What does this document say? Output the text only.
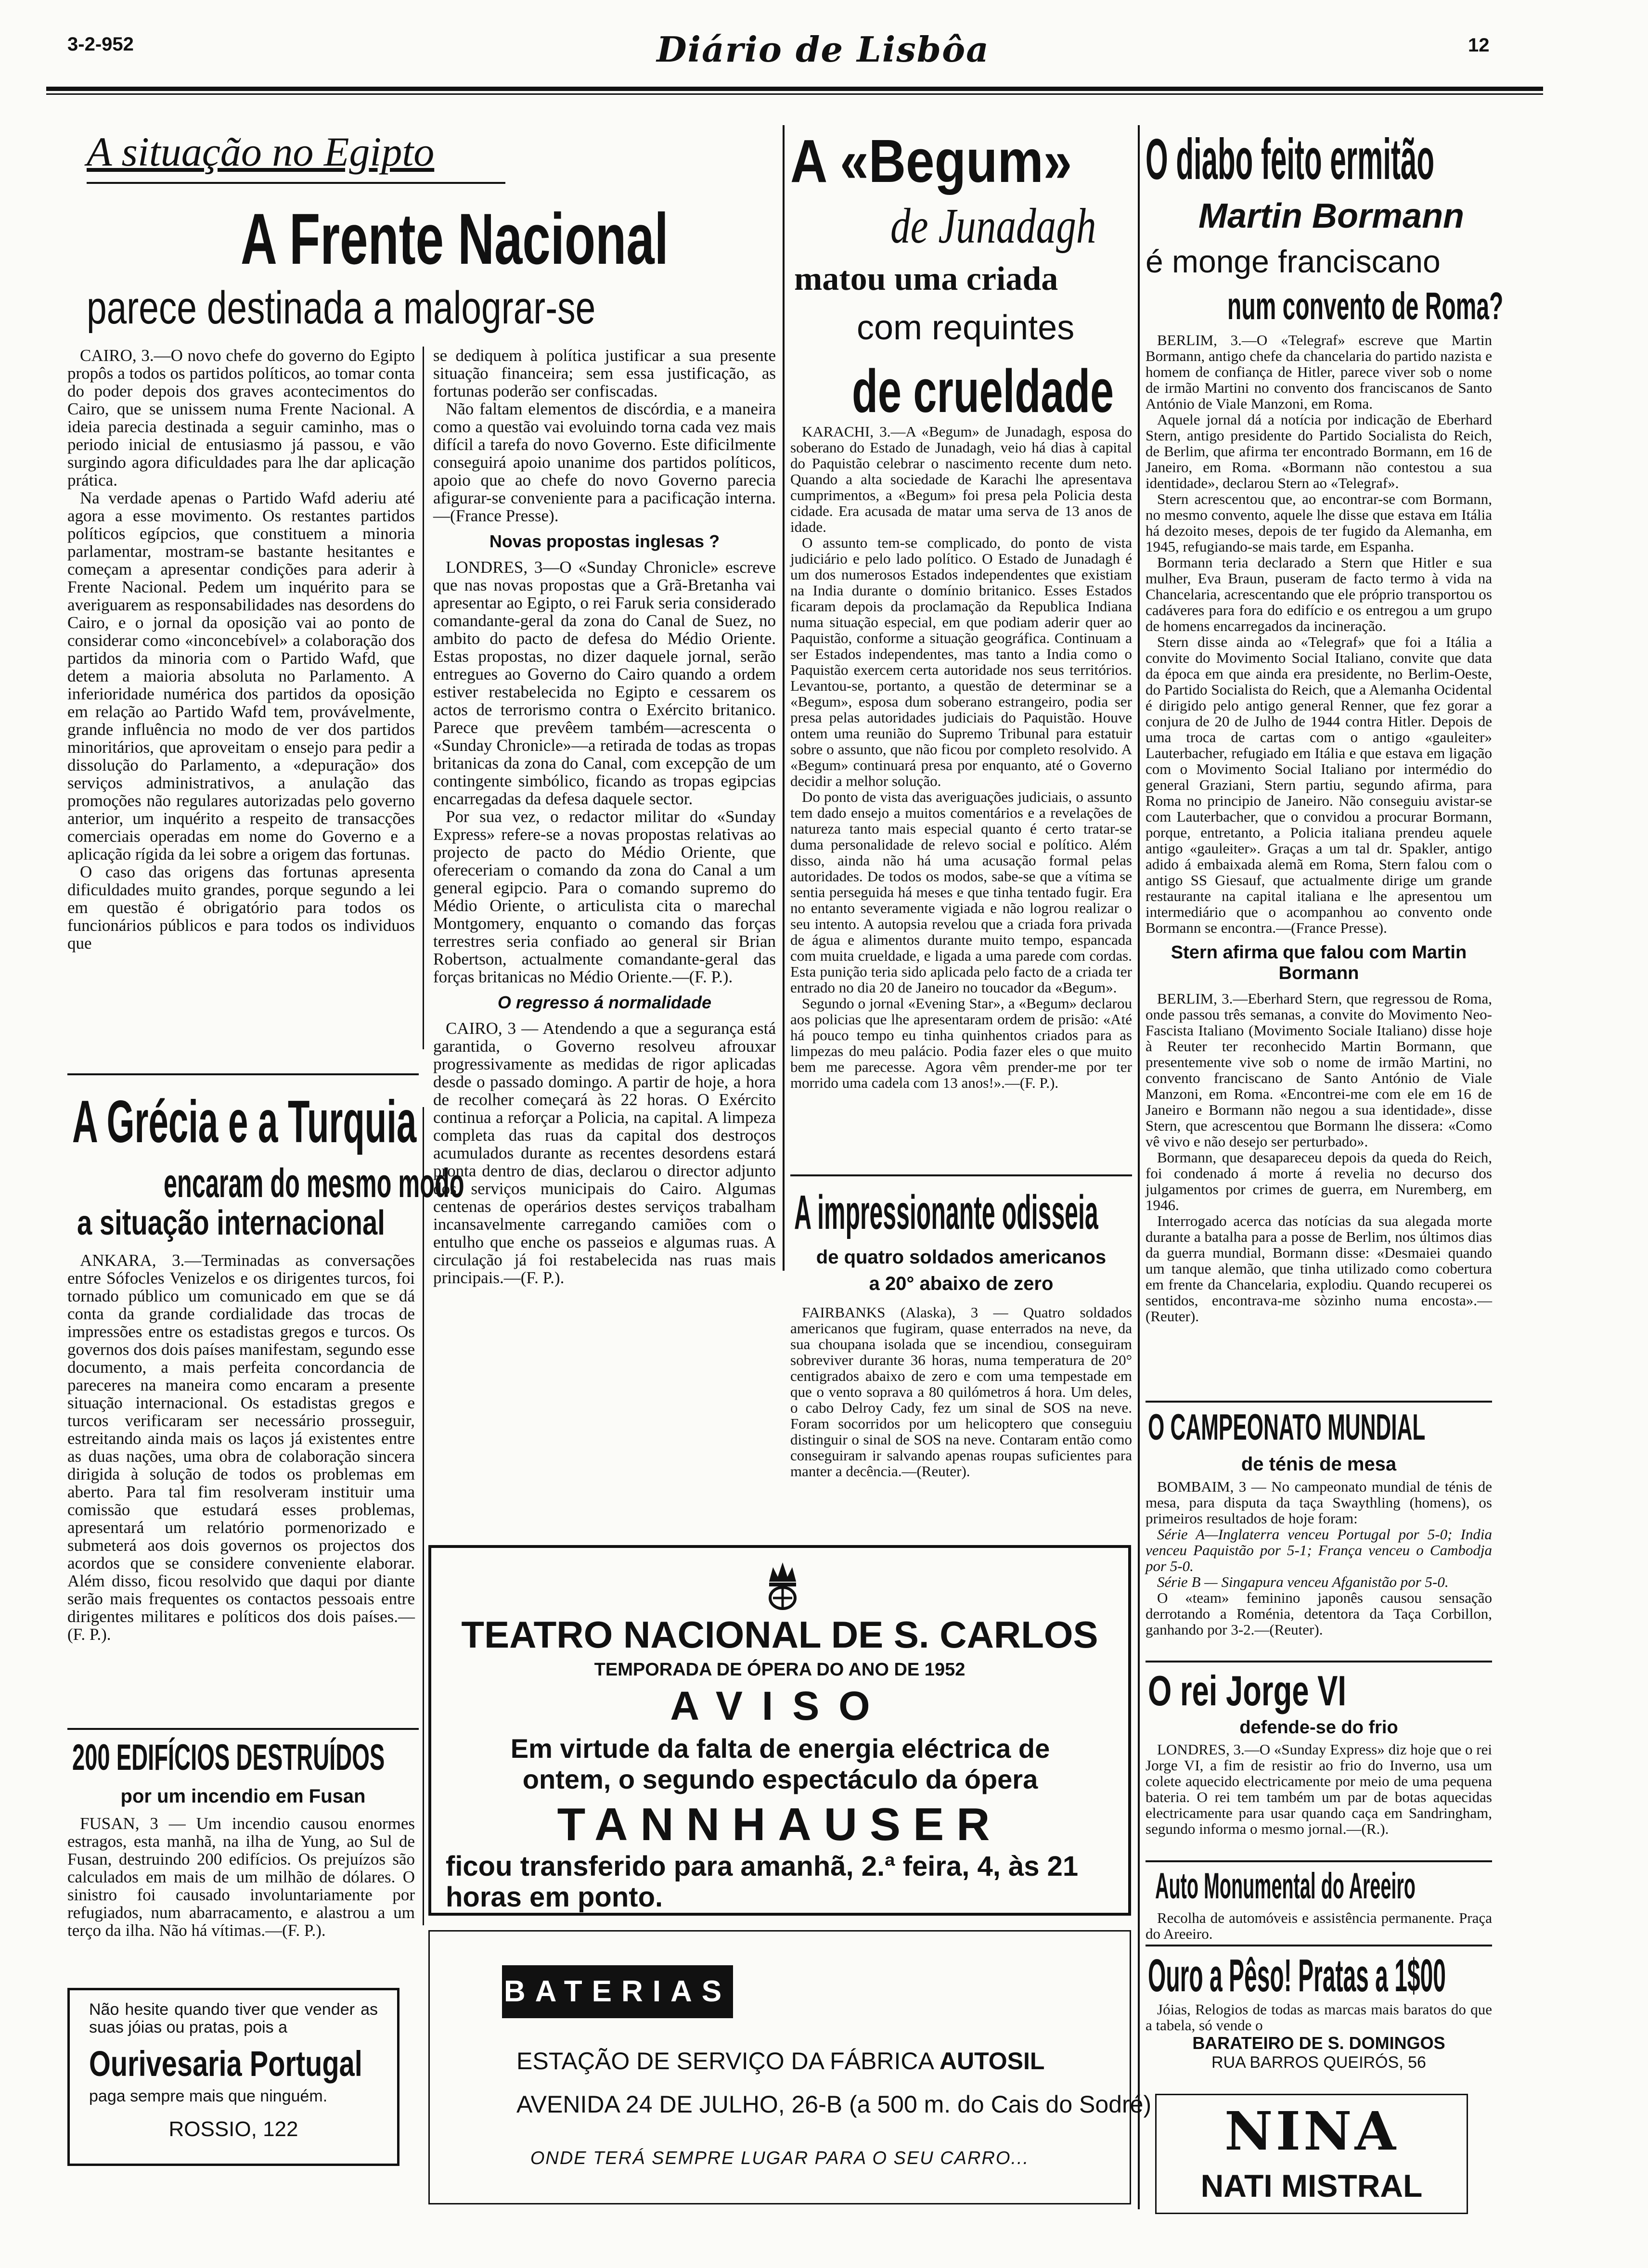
3-2-952	Diário de Lisbôa	12
A situação no Egipto
A Frente Nacional
parece destinada a malograr-se

CAIRO, 3.—O novo chefe do governo do Egipto propôs a todos os partidos políticos, ao tomar conta do poder depois dos graves acontecimentos do Cairo, que se unissem numa Frente Nacional. A ideia parecia destinada a seguir caminho, mas o periodo inicial de entusiasmo já passou, e vão surgindo agora dificuldades para lhe dar aplicação prática.

Na verdade apenas o Partido Wafd aderiu até agora a esse movimento. Os restantes partidos políticos egípcios, que constituem a minoria parlamentar, mostram-se bastante hesitantes e começam a apresentar condições para aderir à Frente Nacional. Pedem um inquérito para se averiguarem as responsabilidades nas desordens do Cairo, e o jornal da oposição vai ao ponto de considerar como «inconcebível» a colaboração dos partidos da minoria com o Partido Wafd, que detem a maioria absoluta no Parlamento. A inferioridade numérica dos partidos da oposição em relação ao Partido Wafd tem, provávelmente, grande influência no modo de ver dos partidos minoritários, que aproveitam o ensejo para pedir a dissolução do Parlamento, a «depuração» dos serviços administrativos, a anulação das promoções não regulares autorizadas pelo governo anterior, um inquérito a respeito de transacções comerciais operadas em nome do Governo e a aplicação rígida da lei sobre a origem das fortunas.

O caso das origens das fortunas apresenta dificuldades muito grandes, porque segundo a lei em questão é obrigatório para todos os funcionários públicos e para todos os individuos que

se dediquem à política justificar a sua presente situação financeira; sem essa justificação, as fortunas poderão ser confiscadas.

Não faltam elementos de discórdia, e a maneira como a questão vai evoluindo torna cada vez mais difícil a tarefa do novo Governo. Este dificilmente conseguirá apoio unanime dos partidos políticos, apoio que ao chefe do novo Governo parecia afigurar-se conveniente para a pacificação interna.—(France Presse).

Novas propostas inglesas ?

LONDRES, 3—O «Sunday Chronicle» escreve que nas novas propostas que a Grã-Bretanha vai apresentar ao Egipto, o rei Faruk seria considerado comandante-geral da zona do Canal de Suez, no ambito do pacto de defesa do Médio Oriente. Estas propostas, no dizer daquele jornal, serão entregues ao Governo do Cairo quando a ordem estiver restabelecida no Egipto e cessarem os actos de terrorismo contra o Exército britanico. Parece que prevêem também—acrescenta o «Sunday Chronicle»—a retirada de todas as tropas britanicas da zona do Canal, com excepção de um contingente simbólico, ficando as tropas egipcias encarregadas da defesa daquele sector.

Por sua vez, o redactor militar do «Sunday Express» refere-se a novas propostas relativas ao projecto de pacto do Médio Oriente, que ofereceriam o comando da zona do Canal a um general egipcio. Para o comando supremo do Médio Oriente, o articulista cita o marechal Montgomery, enquanto o comando das forças terrestres seria confiado ao general sir Brian Robertson, actualmente comandante-geral das forças britanicas no Médio Oriente.—(F. P.).

O regresso á normalidade

CAIRO, 3 — Atendendo a que a segurança está garantida, o Governo resolveu afrouxar progressivamente as medidas de rigor aplicadas desde o passado domingo. A partir de hoje, a hora de recolher começará às 22 horas. O Exército continua a reforçar a Policia, na capital. A limpeza completa das ruas da capital dos destroços acumulados durante as recentes desordens estará pronta dentro de dias, declarou o director adjunto dos serviços municipais do Cairo. Algumas centenas de operários destes serviços trabalham incansavelmente carregando camiões com o entulho que enche os passeios e algumas ruas. A circulação já foi restabelecida nas ruas mais principais.—(F. P.).

A Grécia e a Turquia
encaram do mesmo modo
a situação internacional

ANKARA, 3.—Terminadas as conversações entre Sófocles Venizelos e os dirigentes turcos, foi tornado público um comunicado em que se dá conta da grande cordialidade das trocas de impressões entre os estadistas gregos e turcos. Os governos dos dois países manifestam, segundo esse documento, a mais perfeita concordancia de pareceres na maneira como encaram a presente situação internacional. Os estadistas gregos e turcos verificaram ser necessário prosseguir, estreitando ainda mais os laços já existentes entre as duas nações, uma obra de colaboração sincera dirigida à solução de todos os problemas em aberto. Para tal fim resolveram instituir uma comissão que estudará esses problemas, apresentará um relatório pormenorizado e submeterá aos dois governos os projectos dos acordos que se considere conveniente elaborar. Além disso, ficou resolvido que daqui por diante serão mais frequentes os contactos pessoais entre dirigentes militares e políticos dos dois países.—(F. P.).

200 EDIFÍCIOS DESTRUÍDOS
por um incendio em Fusan

FUSAN, 3 — Um incendio causou enormes estragos, esta manhã, na ilha de Yung, ao Sul de Fusan, destruindo 200 edifícios. Os prejuízos são calculados em mais de um milhão de dólares. O sinistro foi causado involuntariamente por refugiados, num abarracamento, e alastrou a um terço da ilha. Não há vítimas.—(F. P.).

Não hesite quando tiver que vender as suas jóias ou pratas, pois a

Ourivesaria Portugal

paga sempre mais que ninguém.

ROSSIO, 122

A «Begum»
de Junadagh
matou uma criada
com requintes
de crueldade

KARACHI, 3.—A «Begum» de Junadagh, esposa do soberano do Estado de Junadagh, veio há dias à capital do Paquistão celebrar o nascimento recente dum neto. Quando a alta sociedade de Karachi lhe apresentava cumprimentos, a «Begum» foi presa pela Policia desta cidade. Era acusada de matar uma serva de 13 anos de idade.

O assunto tem-se complicado, do ponto de vista judiciário e pelo lado político. O Estado de Junadagh é um dos numerosos Estados independentes que existiam na India durante o domínio britanico. Esses Estados ficaram depois da proclamação da Republica Indiana numa situação especial, em que podiam aderir quer ao Paquistão, conforme a situação geográfica. Continuam a ser Estados independentes, mas tanto a India como o Paquistão exercem certa autoridade nos seus territórios. Levantou-se, portanto, a questão de determinar se a «Begum», esposa dum soberano estrangeiro, podia ser presa pelas autoridades judiciais do Paquistão. Houve ontem uma reunião do Supremo Tribunal para estatuir sobre o assunto, que não ficou por completo resolvido. A «Begum» continuará presa por enquanto, até o Governo decidir a melhor solução.

Do ponto de vista das averiguações judiciais, o assunto tem dado ensejo a muitos comentários e a revelações de natureza tanto mais especial quanto é certo tratar-se duma personalidade de relevo social e político. Além disso, ainda não há uma acusação formal pelas autoridades. De todos os modos, sabe-se que a vítima se sentia perseguida há meses e que tinha tentado fugir. Era no entanto severamente vigiada e não logrou realizar o seu intento. A autopsia revelou que a criada fora privada de água e alimentos durante muito tempo, espancada com muita crueldade, e ligada a uma parede com cordas. Esta punição teria sido aplicada pelo facto de a criada ter entrado no dia 20 de Janeiro no toucador da «Begum».

Segundo o jornal «Evening Star», a «Begum» declarou aos policias que lhe apresentaram ordem de prisão: «Até há pouco tempo eu tinha quinhentos criados para as limpezas do meu palácio. Podia fazer eles o que muito bem me parecesse. Agora vêm prender-me por ter morrido uma cadela com 13 anos!».—(F. P.).

A impressionante odisseia
de quatro soldados americanos
a 20° abaixo de zero

FAIRBANKS (Alaska), 3 — Quatro soldados americanos que fugiram, quase enterrados na neve, da sua choupana isolada que se incendiou, conseguiram sobreviver durante 36 horas, numa temperatura de 20° centigrados abaixo de zero e com uma tempestade em que o vento soprava a 80 quilómetros á hora. Um deles, o cabo Delroy Cady, fez um sinal de SOS na neve. Foram socorridos por um helicoptero que conseguiu distinguir o sinal de SOS na neve. Contaram então como conseguiram ir salvando apenas roupas suficientes para manter a decência.—(Reuter).

TEATRO NACIONAL DE S. CARLOS
TEMPORADA DE ÓPERA DO ANO DE 1952
AVISO
Em virtude da falta de energia eléctrica de ontem, o segundo espectáculo da ópera
TANNHAUSER
ficou transferido para amanhã, 2.ª feira, 4, às 21 horas em ponto.
BATERIAS
ESTAÇÃO DE SERVIÇO DA FÁBRICA AUTOSIL
AVENIDA 24 DE JULHO, 26-B (a 500 m. do Cais do Sodré)
ONDE TERÁ SEMPRE LUGAR PARA O SEU CARRO...
O diabo feito ermitão
Martin Bormann
é monge franciscano
num convento de Roma?

BERLIM, 3.—O «Telegraf» escreve que Martin Bormann, antigo chefe da chancelaria do partido nazista e homem de confiança de Hitler, parece viver sob o nome de irmão Martini no convento dos franciscanos de Santo António de Viale Manzoni, em Roma.

Aquele jornal dá a notícia por indicação de Eberhard Stern, antigo presidente do Partido Socialista do Reich, de Berlim, que afirma ter encontrado Bormann, em 16 de Janeiro, em Roma. «Bormann não contestou a sua identidade», declarou Stern ao «Telegraf».

Stern acrescentou que, ao encontrar-se com Bormann, no mesmo convento, aquele lhe disse que estava em Itália há dezoito meses, depois de ter fugido da Alemanha, em 1945, refugiando-se mais tarde, em Espanha.

Bormann teria declarado a Stern que Hitler e sua mulher, Eva Braun, puseram de facto termo à vida na Chancelaria, acrescentando que ele próprio transportou os cadáveres para fora do edifício e os entregou a um grupo de homens encarregados da incineração.

Stern disse ainda ao «Telegraf» que foi a Itália a convite do Movimento Social Italiano, convite que data da época em que ainda era presidente, no Berlim-Oeste, do Partido Socialista do Reich, que a Alemanha Ocidental é dirigido pelo antigo general Renner, que fez gorar a conjura de 20 de Julho de 1944 contra Hitler. Depois de uma troca de cartas com o antigo «gauleiter» Lauterbacher, refugiado em Itália e que estava em ligação com o Movimento Social Italiano por intermédio do general Graziani, Stern partiu, segundo afirma, para Roma no principio de Janeiro. Não conseguiu avistar-se com Lauterbacher, que o convidou a procurar Bormann, porque, entretanto, a Policia italiana prendeu aquele antigo «gauleiter». Graças a um tal dr. Spakler, antigo adido á embaixada alemã em Roma, Stern falou com o antigo SS Giesauf, que actualmente dirige um grande restaurante na capital italiana e lhe apresentou um intermediário que o acompanhou ao convento onde Bormann se encontra.—(France Presse).

Stern afirma que falou com Martin Bormann

BERLIM, 3.—Eberhard Stern, que regressou de Roma, onde passou três semanas, a convite do Movimento Neo-Fascista Italiano (Movimento Sociale Italiano) disse hoje à Reuter ter reconhecido Martin Bormann, que presentemente vive sob o nome de irmão Martini, no convento franciscano de Santo António de Viale Manzoni, em Roma. «Encontrei-me com ele em 16 de Janeiro e Bormann não negou a sua identidade», disse Stern, que acrescentou que Bormann lhe dissera: «Como vê vivo e não desejo ser perturbado».

Bormann, que desapareceu depois da queda do Reich, foi condenado á morte á revelia no decurso dos julgamentos por crimes de guerra, em Nuremberg, em 1946.

Interrogado acerca das notícias da sua alegada morte durante a batalha para a posse de Berlim, nos últimos dias da guerra mundial, Bormann disse: «Desmaiei quando um tanque alemão, que tinha utilizado como cobertura em frente da Chancelaria, explodiu. Quando recuperei os sentidos, encontrava-me sòzinho numa encosta».—(Reuter).

O CAMPEONATO MUNDIAL
de ténis de mesa

BOMBAIM, 3 — No campeonato mundial de ténis de mesa, para disputa da taça Swaythling (homens), os primeiros resultados de hoje foram:

Série A—Inglaterra venceu Portugal por 5-0; India venceu Paquistão por 5-1; França venceu o Cambodja por 5-0.

Série B — Singapura venceu Afganistão por 5-0.

O «team» feminino japonês causou sensação derrotando a Roménia, detentora da Taça Corbillon, ganhando por 3-2.—(Reuter).

O rei Jorge VI
defende-se do frio

LONDRES, 3.—O «Sunday Express» diz hoje que o rei Jorge VI, a fim de resistir ao frio do Inverno, usa um colete aquecido electricamente por meio de uma pequena bateria. O rei tem também um par de botas aquecidas electricamente para usar quando caça em Sandringham, segundo informa o mesmo jornal.—(R.).

Auto Monumental do Areeiro

Recolha de automóveis e assistência permanente. Praça do Areeiro.

Ouro a Pêso! Pratas a 1$00

Jóias, Relogios de todas as marcas mais baratos do que a tabela, só vende o

BARATEIRO DE S. DOMINGOS

RUA BARROS QUEIRÓS, 56

NINA
NATI MISTRAL
